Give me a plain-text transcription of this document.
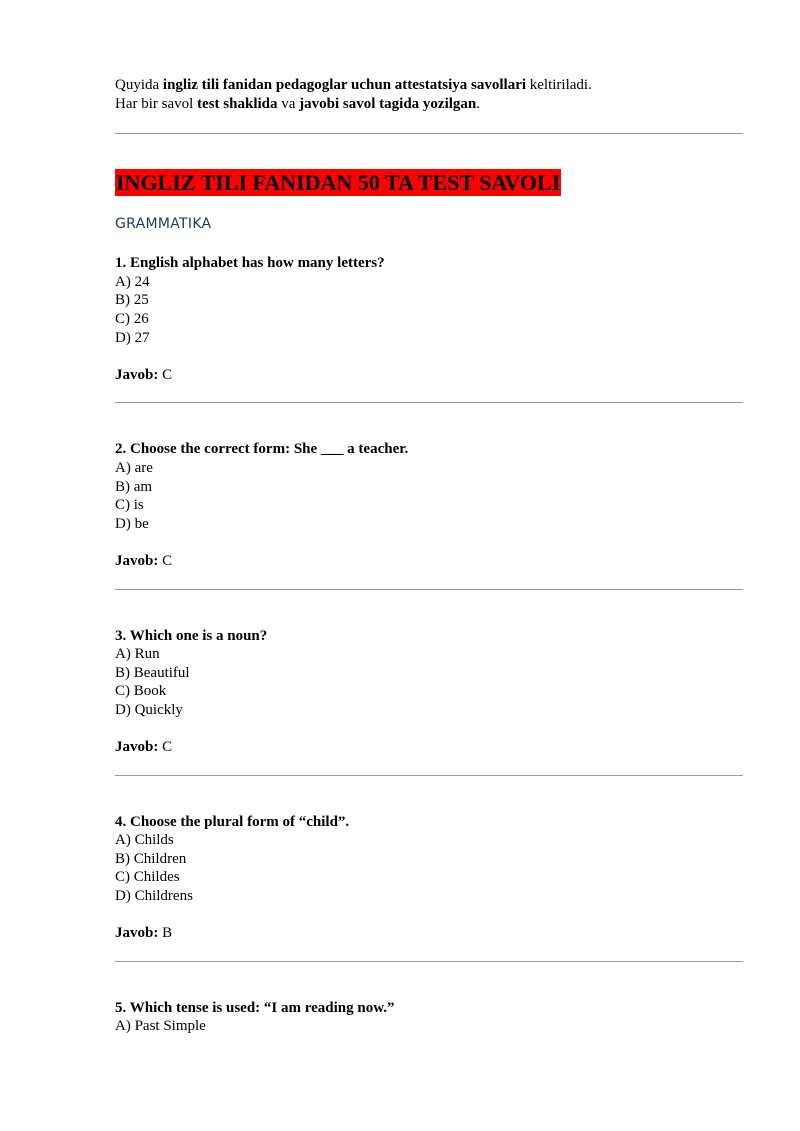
Quyida ingliz tili fanidan pedagoglar uchun attestatsiya savollari keltiriladi.

Har bir savol test shaklida va javobi savol tagida yozilgan.

INGLIZ TILI FANIDAN 50 TA TEST SAVOLI
GRAMMATIKA

1. English alphabet has how many letters?

A) 24

B) 25

C) 26

D) 27

Javob: C

2. Choose the correct form: She ___ a teacher.

A) are

B) am

C) is

D) be

Javob: C

3. Which one is a noun?

A) Run

B) Beautiful

C) Book

D) Quickly

Javob: C

4. Choose the plural form of “child”.

A) Childs

B) Children

C) Childes

D) Childrens

Javob: B

5. Which tense is used: “I am reading now.”

A) Past Simple
